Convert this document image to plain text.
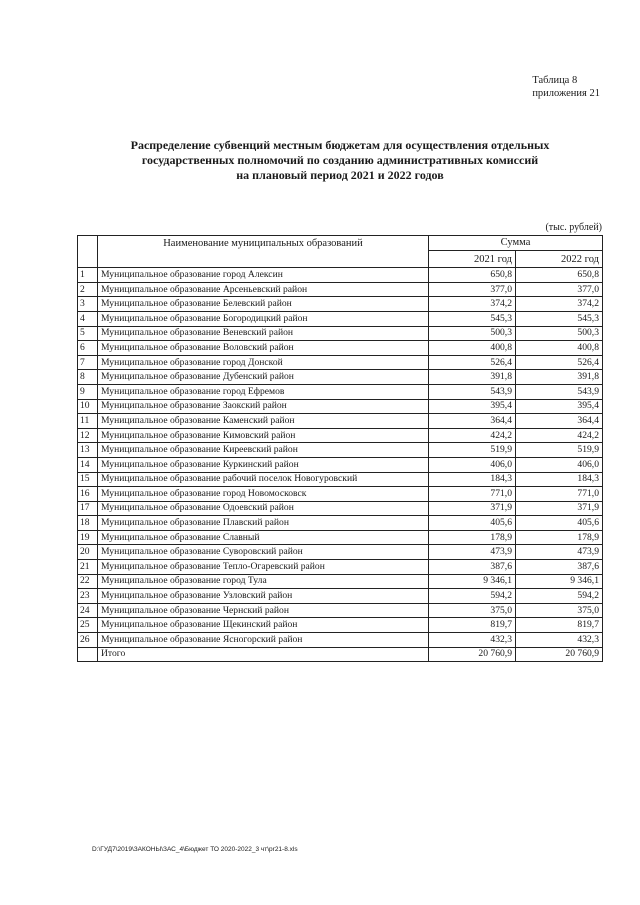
Таблица 8
приложения 21
Распределение субвенций местным бюджетам для осуществления отдельных
государственных полномочий по созданию административных комиссий
на плановый период 2021 и 2022 годов
(тыс. рублей)
	Наименование муниципальных образований	Сумма	
		2021 год	2022 год
1	Муниципальное образование город Алексин	650,8	650,8
2	Муниципальное образование Арсеньевский район	377,0	377,0
3	Муниципальное образование Белевский район	374,2	374,2
4	Муниципальное образование Богородицкий район	545,3	545,3
5	Муниципальное образование Веневский район	500,3	500,3
6	Муниципальное образование Воловский район	400,8	400,8
7	Муниципальное образование город Донской	526,4	526,4
8	Муниципальное образование Дубенский район	391,8	391,8
9	Муниципальное образование город Ефремов	543,9	543,9
10	Муниципальное образование Заокский район	395,4	395,4
11	Муниципальное образование Каменский район	364,4	364,4
12	Муниципальное образование Кимовский район	424,2	424,2
13	Муниципальное образование Киреевский район	519,9	519,9
14	Муниципальное образование Куркинский район	406,0	406,0
15	Муниципальное образование рабочий поселок Новогуровский	184,3	184,3
16	Муниципальное образование город Новомосковск	771,0	771,0
17	Муниципальное образование Одоевский район	371,9	371,9
18	Муниципальное образование Плавский район	405,6	405,6
19	Муниципальное образование Славный	178,9	178,9
20	Муниципальное образование Суворовский район	473,9	473,9
21	Муниципальное образование Тепло-Огаревский район	387,6	387,6
22	Муниципальное образование город Тула	9 346,1	9 346,1
23	Муниципальное образование Узловский район	594,2	594,2
24	Муниципальное образование Чернский район	375,0	375,0
25	Муниципальное образование Щекинский район	819,7	819,7
26	Муниципальное образование Ясногорский район	432,3	432,3
	Итого	20 760,9	20 760,9
D:\ГУД7\2019\ЗАКОНЫ\ЗАС_4\Бюджет ТО 2020-2022_3 чт\pr21-8.xls
